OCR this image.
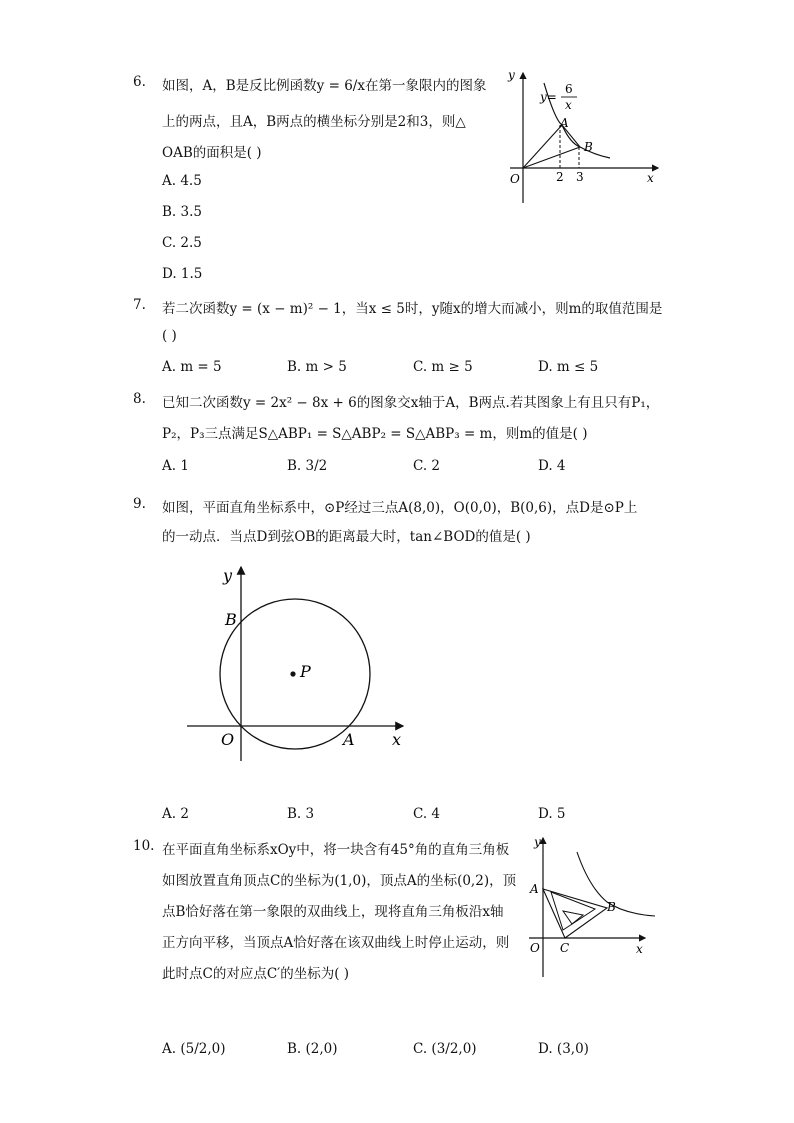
6. 如图，A，B是反比例函数y = 6/x在第一象限内的图象
上的两点，且A，B两点的横坐标分别是2和3，则△
OAB的面积是( )
A. 4.5
B. 3.5
C. 2.5
D. 1.5
y
y=
6
x
A
B
O	2 3	x
7. 若二次函数y = (x − m)² − 1，当x ≤ 5时，y随x的增大而减小，则m的取值范围是
( )
A. m = 5	B. m > 5	C. m ≥ 5	D. m ≤ 5
8. 已知二次函数y = 2x² − 8x + 6的图象交x轴于A，B两点.若其图象上有且只有P₁，
P₂，P₃三点满足S△ABP₁ = S△ABP₂ = S△ABP₃ = m，则m的值是( )
A. 1	B. 3/2	C. 2	D. 4
9. 如图，平面直角坐标系中，⊙P经过三点A(8,0)，O(0,0)，B(0,6)，点D是⊙P上
的一动点．当点D到弦OB的距离最大时，tan∠BOD的值是( )
y
B
P
O	A x
A. 2	B. 3	C. 4	D. 5
10. 在平面直角坐标系xOy中，将一块含有45°角的直角三角板
如图放置直角顶点C的坐标为(1,0)，顶点A的坐标(0,2)，顶
点B恰好落在第一象限的双曲线上，现将直角三角板沿x轴
正方向平移，当顶点A恰好落在该双曲线上时停止运动，则
此时点C的对应点C′的坐标为( )
y
A
B
O C	x
A. (5/2,0)	B. (2,0)	C. (3/2,0)	D. (3,0)
